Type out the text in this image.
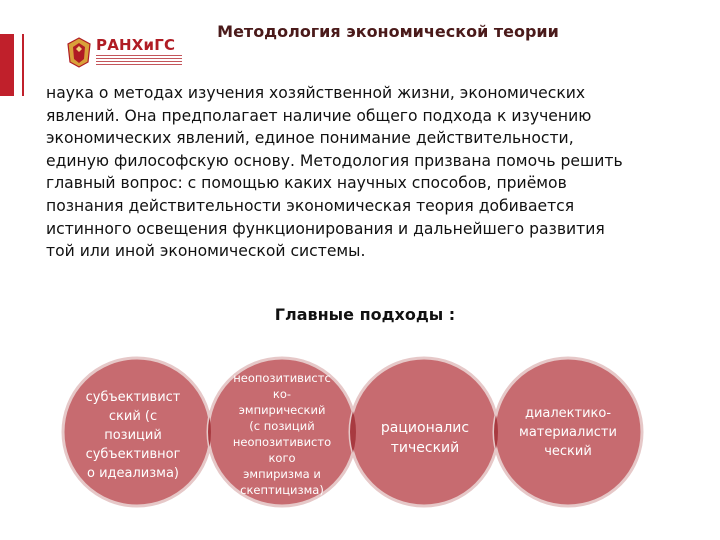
РАНХиГС
Методология экономической теории
наука о методах изучения хозяйственной жизни, экономических
явлений. Она предполагает наличие общего подхода к изучению
экономических явлений, единое понимание действительности,
единую философскую основу. Методология призвана помочь решить
главный вопрос: с помощью каких научных способов, приёмов
познания действительности экономическая теория добивается
истинного освещения функционирования и дальнейшего развития
той или иной экономической системы.
Главные подходы :
субъективист
ский (с
позиций
субъективног
о идеализма)
неопозитивистс
ко-
эмпирический
(с позиций
неопозитивисто
кого
эмпиризма и
скептицизма)
рационалис
тический
диалектико-
материалисти
ческий
